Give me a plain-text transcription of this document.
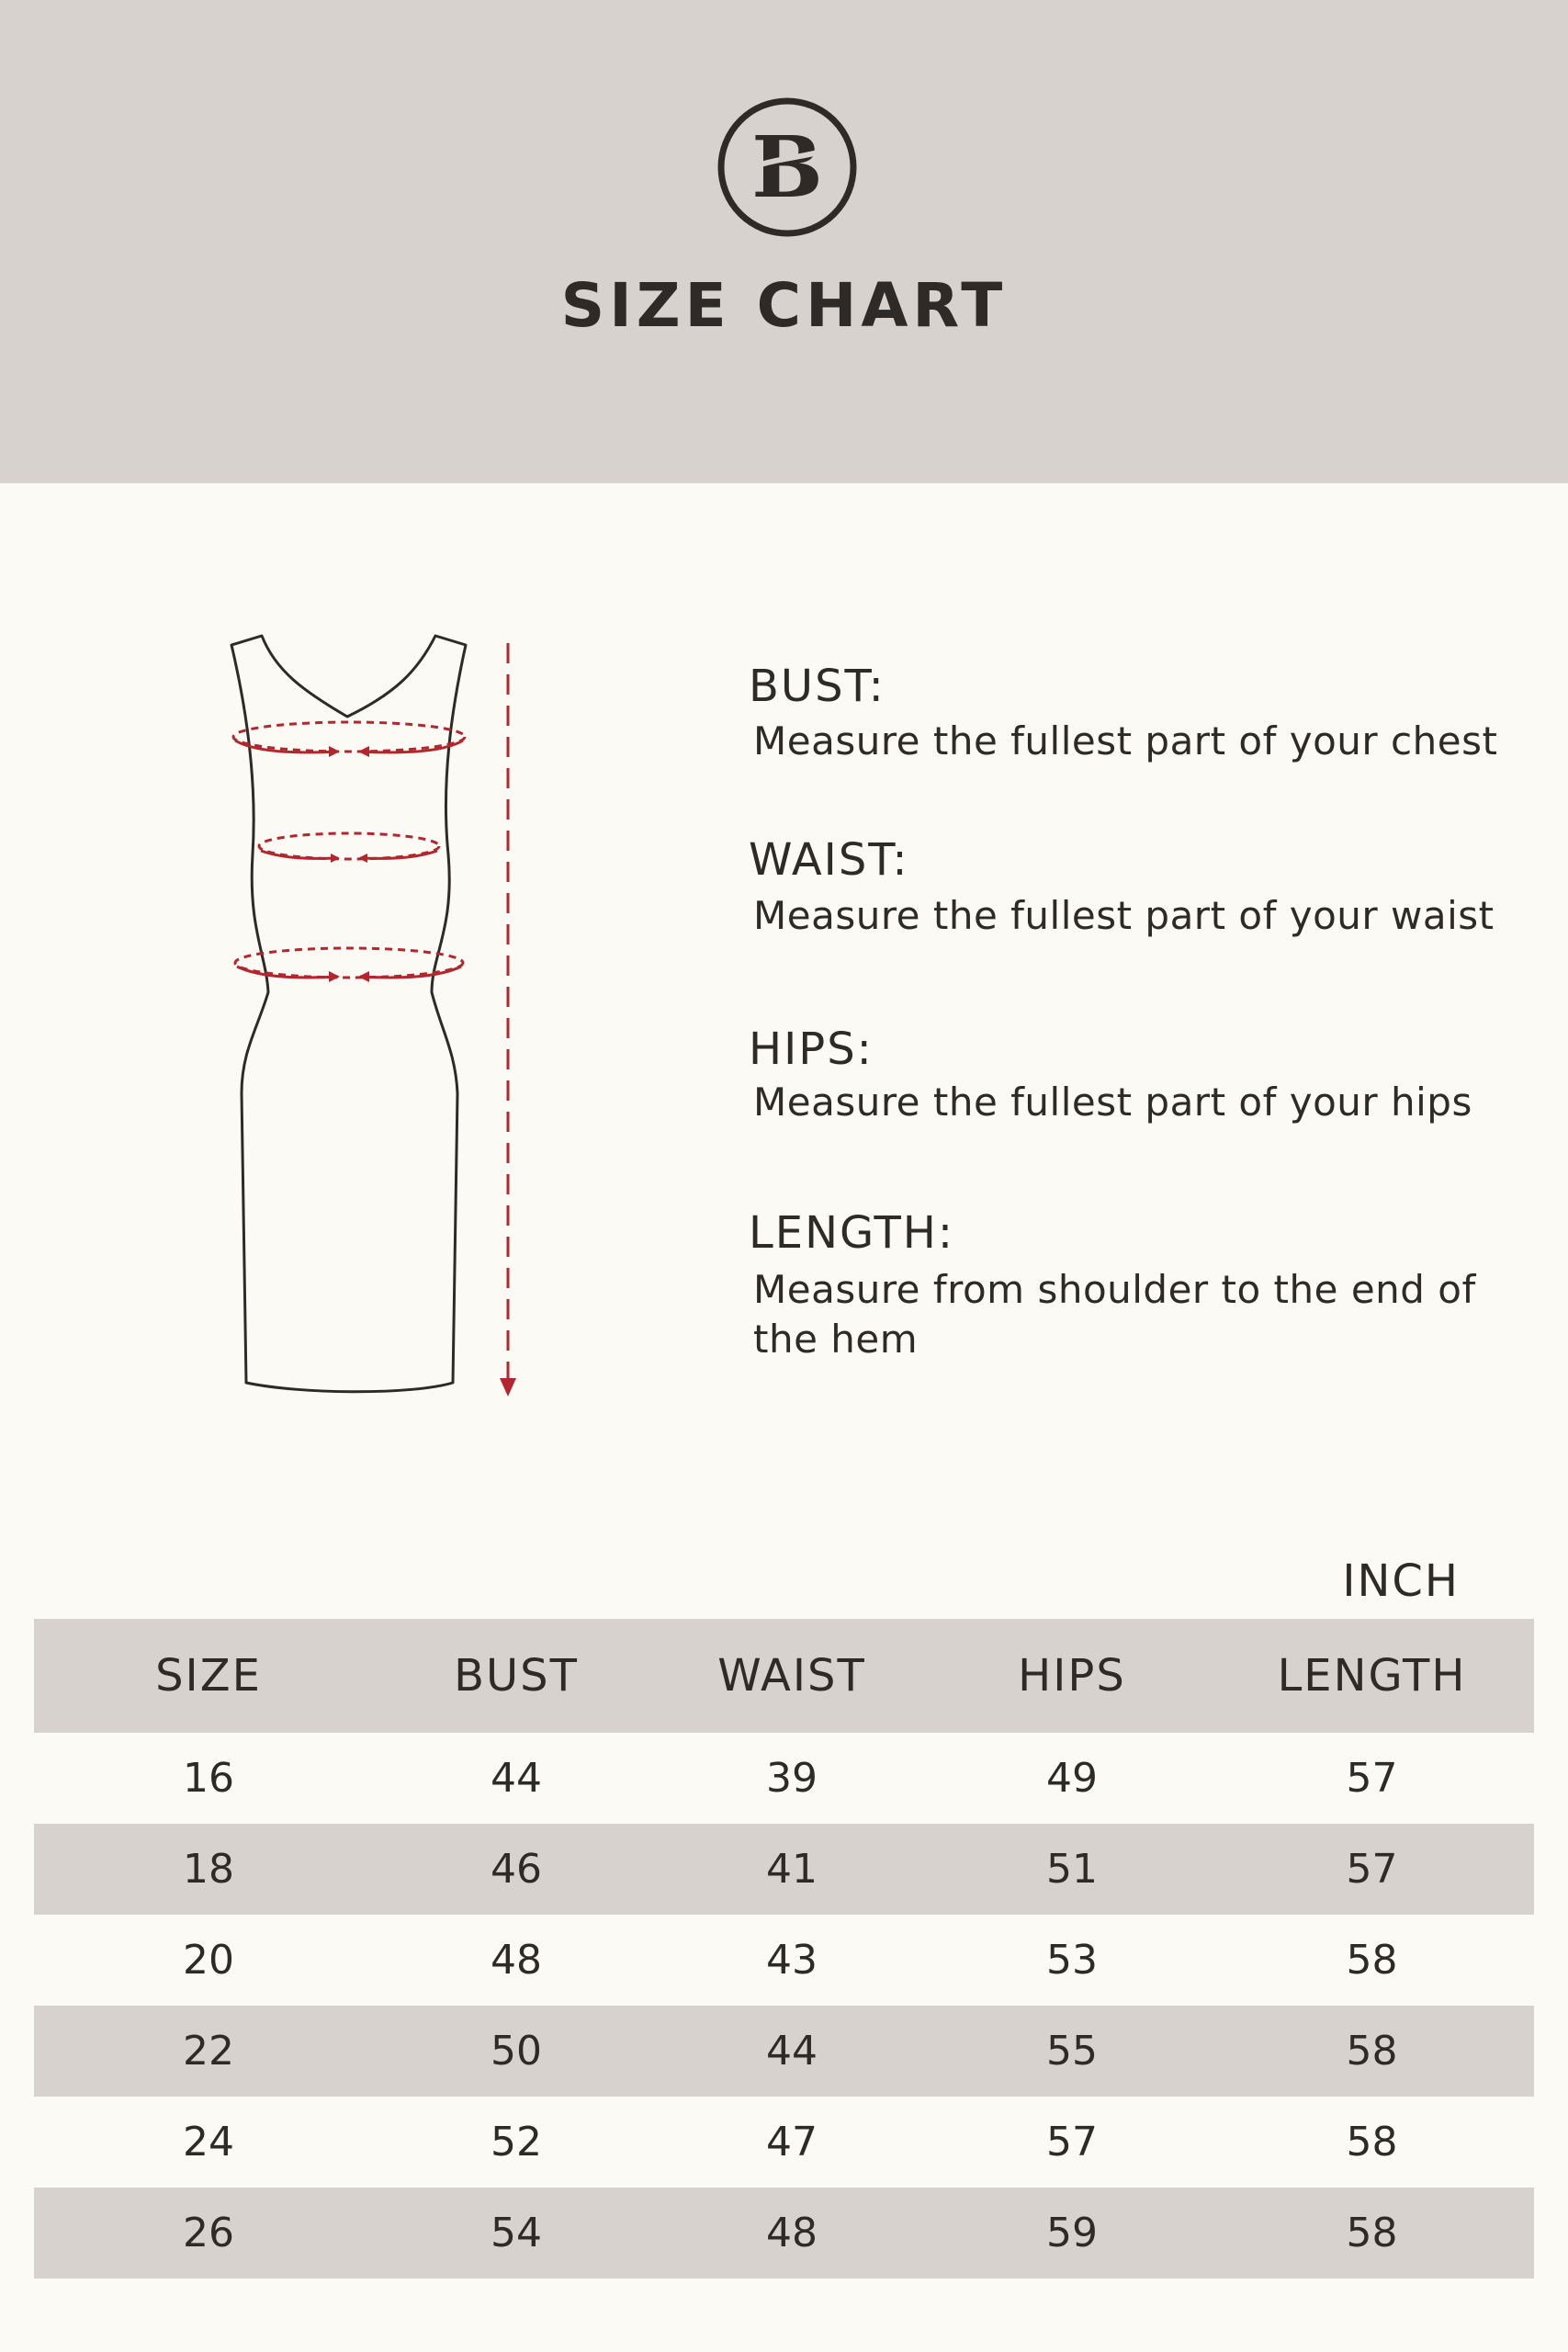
B
SIZE CHART
BUST:
Measure the fullest part of your chest
WAIST:
Measure the fullest part of your waist
HIPS:
Measure the fullest part of your hips
LENGTH:
Measure from shoulder to the end of the hem
INCH
SIZE	BUST	WAIST	HIPS	LENGTH
16	44	39	49	57
18	46	41	51	57
20	48	43	53	58
22	50	44	55	58
24	52	47	57	58
26	54	48	59	58
